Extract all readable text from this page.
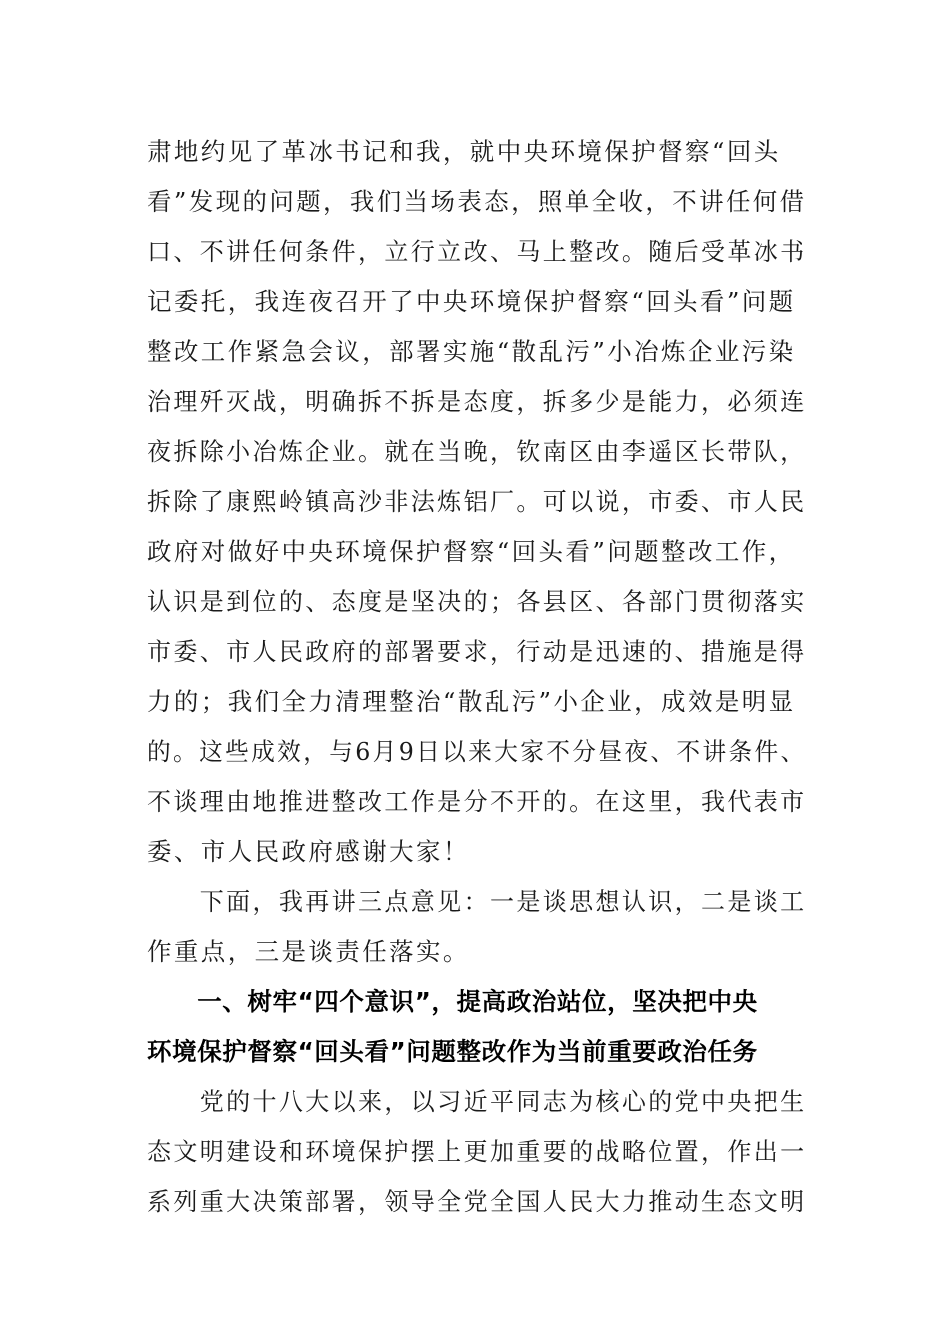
肃地约见了革冰书记和我，就中央环境保护督察“回头
看”发现的问题，我们当场表态，照单全收，不讲任何借
口、不讲任何条件，立行立改、马上整改。随后受革冰书
记委托，我连夜召开了中央环境保护督察“回头看”问题
整改工作紧急会议，部署实施“散乱污”小冶炼企业污染
治理歼灭战，明确拆不拆是态度，拆多少是能力，必须连
夜拆除小冶炼企业。就在当晚，钦南区由李遥区长带队，
拆除了康熙岭镇高沙非法炼铝厂。可以说，市委、市人民
政府对做好中央环境保护督察“回头看”问题整改工作，
认识是到位的、态度是坚决的；各县区、各部门贯彻落实
市委、市人民政府的部署要求，行动是迅速的、措施是得
力的；我们全力清理整治“散乱污”小企业，成效是明显
的。这些成效，与6月9日以来大家不分昼夜、不讲条件、
不谈理由地推进整改工作是分不开的。在这里，我代表市
委、市人民政府感谢大家！
　　下面，我再讲三点意见：一是谈思想认识，二是谈工
作重点，三是谈责任落实。
　　一、树牢“四个意识”，提高政治站位，坚决把中央
环境保护督察“回头看”问题整改作为当前重要政治任务
　　党的十八大以来，以习近平同志为核心的党中央把生
态文明建设和环境保护摆上更加重要的战略位置，作出一
系列重大决策部署，领导全党全国人民大力推动生态文明
